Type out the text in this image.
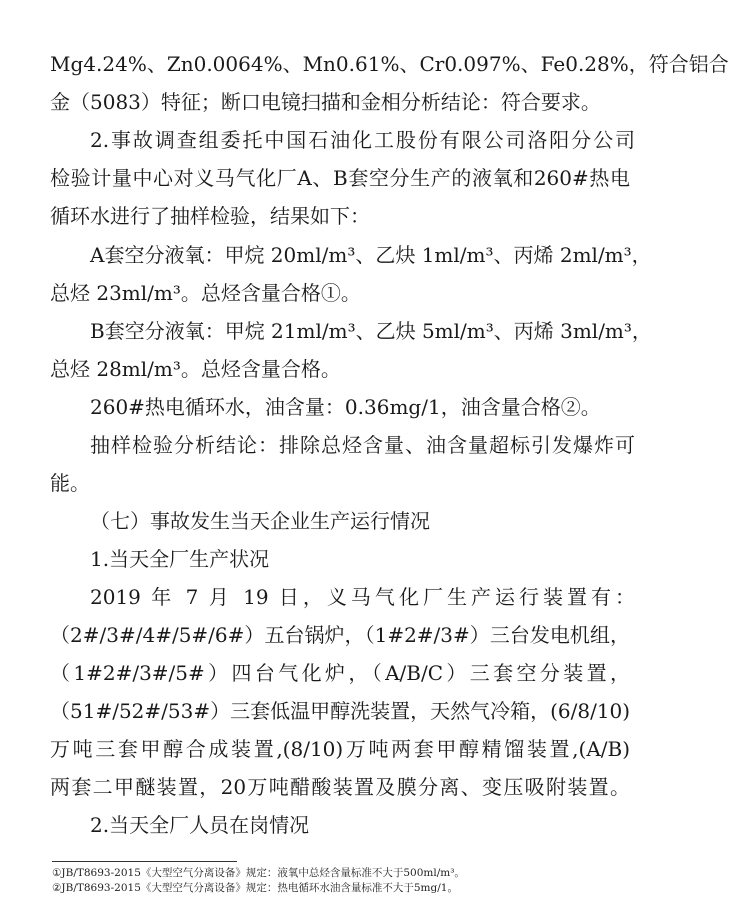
Mg4.24%、Zn0.0064%、Mn0.61%、Cr0.097%、Fe0.28%，符合铝合
金（5083）特征；断口电镜扫描和金相分析结论：符合要求。
2.事故调查组委托中国石油化工股份有限公司洛阳分公司
检验计量中心对义马气化厂A、B套空分生产的液氧和260#热电
循环水进行了抽样检验，结果如下：
A套空分液氧：甲烷 20ml/m³、乙炔 1ml/m³、丙烯 2ml/m³，
总烃 23ml/m³。总烃含量合格①。
B套空分液氧：甲烷 21ml/m³、乙炔 5ml/m³、丙烯 3ml/m³，
总烃 28ml/m³。总烃含量合格。
260#热电循环水，油含量：0.36mg/1，油含量合格②。
抽样检验分析结论：排除总烃含量、油含量超标引发爆炸可
能。
（七）事故发生当天企业生产运行情况
1.当天全厂生产状况
2019 年 7 月 19 日，义马气化厂生产运行装置有：
（2#/3#/4#/5#/6#）五台锅炉，（1#2#/3#）三台发电机组，
（1#2#/3#/5#）四台气化炉，（A/B/C）三套空分装置，
（51#/52#/53#）三套低温甲醇洗装置，天然气冷箱，(6/8/10)
万吨三套甲醇合成装置,(8/10)万吨两套甲醇精馏装置,(A/B)
两套二甲醚装置，20万吨醋酸装置及膜分离、变压吸附装置。
2.当天全厂人员在岗情况
①JB/T8693-2015《大型空气分离设备》规定：液氧中总烃含量标准不大于500ml/m³。
②JB/T8693-2015《大型空气分离设备》规定：热电循环水油含量标准不大于5mg/1。
